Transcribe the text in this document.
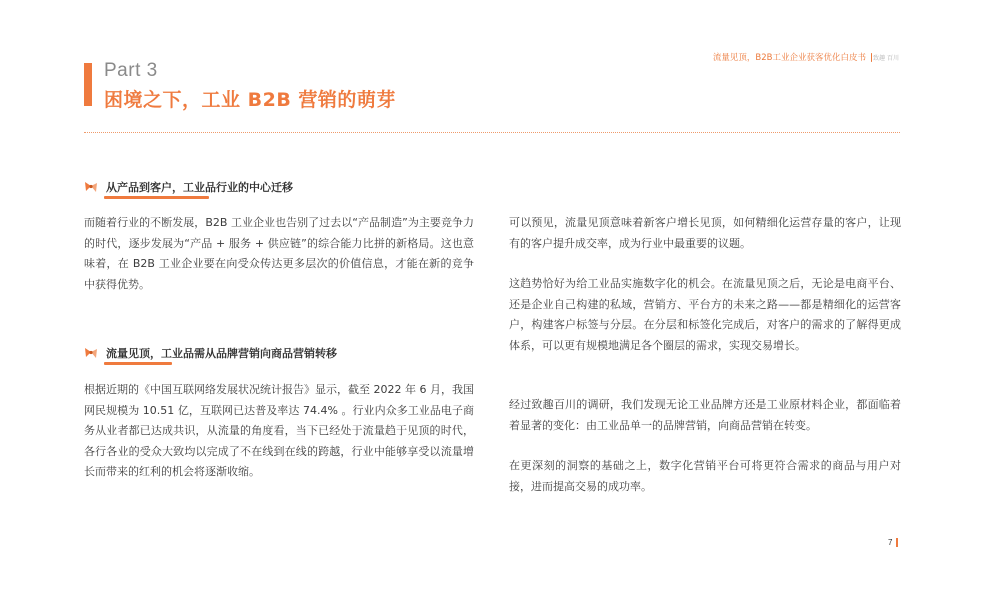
流量见顶，B2B工业企业获客优化白皮书 致趣 百川
Part 3
困境之下，工业 B2B 营销的萌芽
从产品到客户，工业品行业的中心迁移
而随着行业的不断发展，B2B 工业企业也告别了过去以“产品制造”为主要竞争力的时代，逐步发展为“产品 + 服务 + 供应链”的综合能力比拼的新格局。这也意味着，在 B2B 工业企业要在向受众传达更多层次的价值信息，才能在新的竞争中获得优势。
流量见顶，工业品需从品牌营销向商品营销转移
根据近期的《中国互联网络发展状况统计报告》显示，截至 2022 年 6 月，我国网民规模为 10.51 亿，互联网已达普及率达 74.4% 。行业内众多工业品电子商务从业者都已达成共识，从流量的角度看，当下已经处于流量趋于见顶的时代，各行各业的受众大致均以完成了不在线到在线的跨越，行业中能够享受以流量增长而带来的红利的机会将逐渐收缩。
可以预见，流量见顶意味着新客户增长见顶，如何精细化运营存量的客户，让现有的客户提升成交率，成为行业中最重要的议题。
这趋势恰好为给工业品实施数字化的机会。在流量见顶之后，无论是电商平台、还是企业自己构建的私域，营销方、平台方的未来之路——都是精细化的运营客户，构建客户标签与分层。在分层和标签化完成后，对客户的需求的了解得更成体系，可以更有规模地满足各个圈层的需求，实现交易增长。
经过致趣百川的调研，我们发现无论工业品牌方还是工业原材料企业，都面临着着显著的变化：由工业品单一的品牌营销，向商品营销在转变。
在更深刻的洞察的基础之上，数字化营销平台可将更符合需求的商品与用户对接，进而提高交易的成功率。
7
